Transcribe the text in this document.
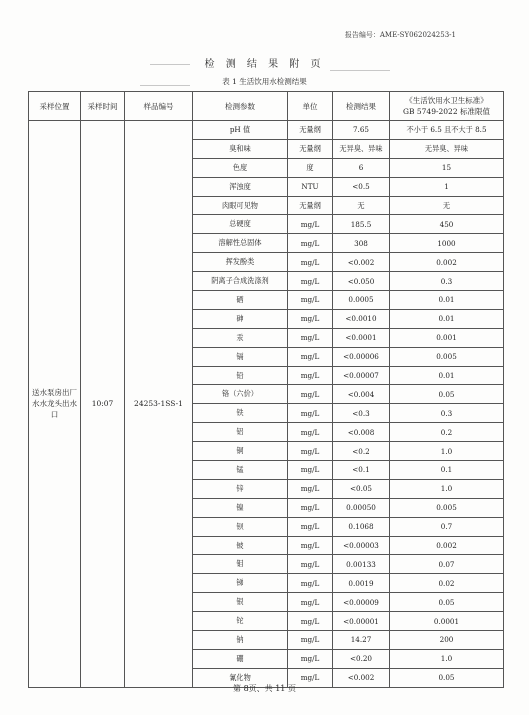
报告编号：AME-SY062024253-1
检 测 结 果 附 页
表 1 生活饮用水检测结果
采样位置	采样时间	样品编号	检测参数	单位	检测结果	《生活饮用水卫生标准》
GB 5749-2022 标准限值

送水泵房出厂水水龙头出水口	10:07	24253-1SS-1	pH 值	无量纲	7.65	不小于 6.5 且不大于 8.5
			臭和味	无量纲	无异臭、异味	无异臭、异味
			色度	度	6	15
			浑浊度	NTU	<0.5	1
			肉眼可见物	无量纲	无	无
			总硬度	mg/L	185.5	450
			溶解性总固体	mg/L	308	1000
			挥发酚类	mg/L	<0.002	0.002
			阴离子合成洗涤剂	mg/L	<0.050	0.3
			硒	mg/L	0.0005	0.01
			砷	mg/L	<0.0010	0.01
			汞	mg/L	<0.0001	0.001
			镉	mg/L	<0.00006	0.005
			铅	mg/L	<0.00007	0.01
			铬（六价）	mg/L	<0.004	0.05
			铁	mg/L	<0.3	0.3
			铝	mg/L	<0.008	0.2
			铜	mg/L	<0.2	1.0
			锰	mg/L	<0.1	0.1
			锌	mg/L	<0.05	1.0
			镍	mg/L	0.00050	0.005
			钡	mg/L	0.1068	0.7
			铍	mg/L	<0.00003	0.002
			钼	mg/L	0.00133	0.07
			锑	mg/L	0.0019	0.02
			银	mg/L	<0.00009	0.05
			铊	mg/L	<0.00001	0.0001
			钠	mg/L	14.27	200
			硼	mg/L	<0.20	1.0
			氰化物	mg/L	<0.002	0.05
第 8页、共 11 页
